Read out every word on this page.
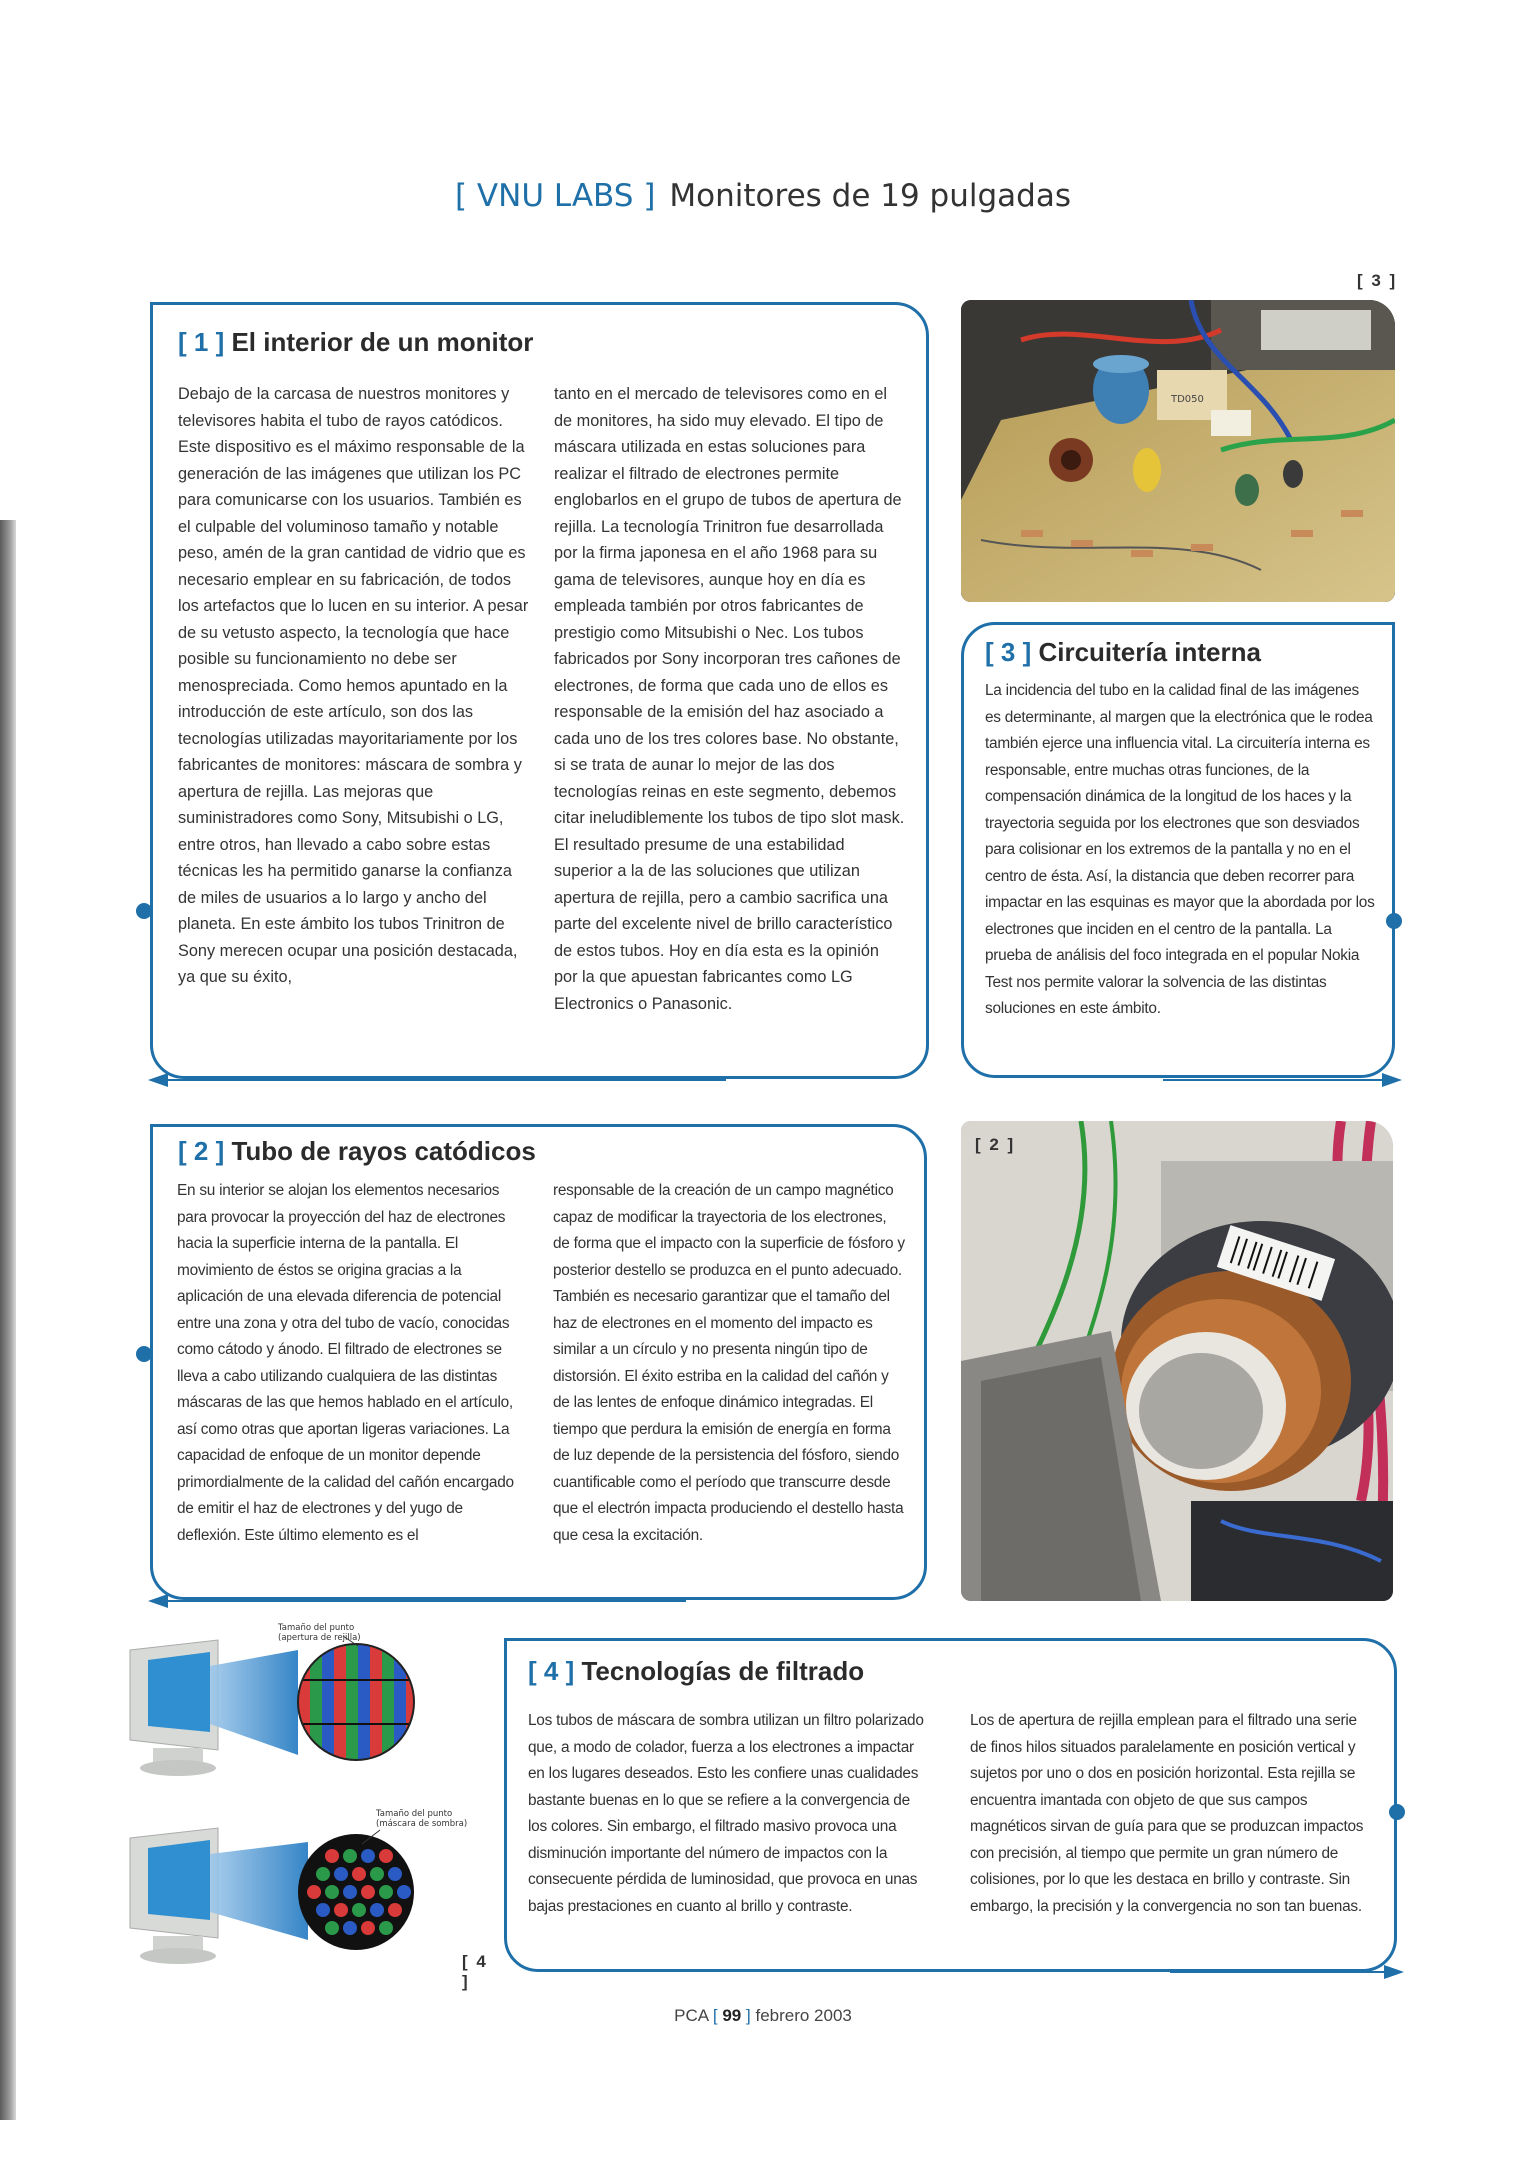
[ VNU LABS ] Monitores de 19 pulgadas
[ 1 ] El interior de un monitor

Debajo de la carcasa de nuestros monitores y televisores habita el tubo de rayos catódicos. Este dispositivo es el máximo responsable de la generación de las imágenes que utilizan los PC para comunicarse con los usuarios. También es el culpable del voluminoso tamaño y notable peso, amén de la gran cantidad de vidrio que es necesario emplear en su fabricación, de todos los artefactos que lo lucen en su interior. A pesar de su vetusto aspecto, la tecnología que hace posible su funcionamiento no debe ser menospreciada. Como hemos apuntado en la introducción de este artículo, son dos las tecnologías utilizadas mayoritariamente por los fabricantes de monitores: máscara de sombra y apertura de rejilla. Las mejoras que suministradores como Sony, Mitsubishi o LG, entre otros, han llevado a cabo sobre estas técnicas les ha permitido ganarse la confianza de miles de usuarios a lo largo y ancho del planeta. En este ámbito los tubos Trinitron de Sony merecen ocupar una posición destacada, ya que su éxito,

tanto en el mercado de televisores como en el de monitores, ha sido muy elevado. El tipo de máscara utilizada en estas soluciones para realizar el filtrado de electrones permite englobarlos en el grupo de tubos de apertura de rejilla. La tecnología Trinitron fue desarrollada por la firma japonesa en el año 1968 para su gama de televisores, aunque hoy en día es empleada también por otros fabricantes de prestigio como Mitsubishi o Nec. Los tubos fabricados por Sony incorporan tres cañones de electrones, de forma que cada uno de ellos es responsable de la emisión del haz asociado a cada uno de los tres colores base. No obstante, si se trata de aunar lo mejor de las dos tecnologías reinas en este segmento, debemos citar ineludiblemente los tubos de tipo slot mask. El resultado presume de una estabilidad superior a la de las soluciones que utilizan apertura de rejilla, pero a cambio sacrifica una parte del excelente nivel de brillo característico de estos tubos. Hoy en día esta es la opinión por la que apuestan fabricantes como LG Electronics o Panasonic.

[ 3 ]
TD050
[ 3 ] Circuitería interna

La incidencia del tubo en la calidad final de las imágenes es determinante, al margen que la electrónica que le rodea también ejerce una influencia vital. La circuitería interna es responsable, entre muchas otras funciones, de la compensación dinámica de la longitud de los haces y la trayectoria seguida por los electrones que son desviados para colisionar en los extremos de la pantalla y no en el centro de ésta. Así, la distancia que deben recorrer para impactar en las esquinas es mayor que la abordada por los electrones que inciden en el centro de la pantalla. La prueba de análisis del foco integrada en el popular Nokia Test nos permite valorar la solvencia de las distintas soluciones en este ámbito.

[ 2 ] Tubo de rayos catódicos

En su interior se alojan los elementos necesarios para provocar la proyección del haz de electrones hacia la superficie interna de la pantalla. El movimiento de éstos se origina gracias a la aplicación de una elevada diferencia de potencial entre una zona y otra del tubo de vacío, conocidas como cátodo y ánodo. El filtrado de electrones se lleva a cabo utilizando cualquiera de las distintas máscaras de las que hemos hablado en el artículo, así como otras que aportan ligeras variaciones. La capacidad de enfoque de un monitor depende primordialmente de la calidad del cañón encargado de emitir el haz de electrones y del yugo de deflexión. Este último elemento es el

responsable de la creación de un campo magnético capaz de modificar la trayectoria de los electrones, de forma que el impacto con la superficie de fósforo y posterior destello se produzca en el punto adecuado. También es necesario garantizar que el tamaño del haz de electrones en el momento del impacto es similar a un círculo y no presenta ningún tipo de distorsión. El éxito estriba en la calidad del cañón y de las lentes de enfoque dinámico integradas. El tiempo que perdura la emisión de energía en forma de luz depende de la persistencia del fósforo, siendo cuantificable como el período que transcurre desde que el electrón impacta produciendo el destello hasta que cesa la excitación.

[ 2 ]
Tamaño del punto
(apertura de rejilla)
Tamaño del punto
(máscara de sombra)
[ 4 ]
[ 4 ] Tecnologías de filtrado

Los tubos de máscara de sombra utilizan un filtro polarizado que, a modo de colador, fuerza a los electrones a impactar en los lugares deseados. Esto les confiere unas cualidades bastante buenas en lo que se refiere a la convergencia de los colores. Sin embargo, el filtrado masivo provoca una disminución importante del número de impactos con la consecuente pérdida de luminosidad, que provoca en unas bajas prestaciones en cuanto al brillo y contraste.

Los de apertura de rejilla emplean para el filtrado una serie de finos hilos situados paralelamente en posición vertical y sujetos por uno o dos en posición horizontal. Esta rejilla se encuentra imantada con objeto de que sus campos magnéticos sirvan de guía para que se produzcan impactos con precisión, al tiempo que permite un gran número de colisiones, por lo que les destaca en brillo y contraste. Sin embargo, la precisión y la convergencia no son tan buenas.

PCA [ 99 ] febrero 2003
